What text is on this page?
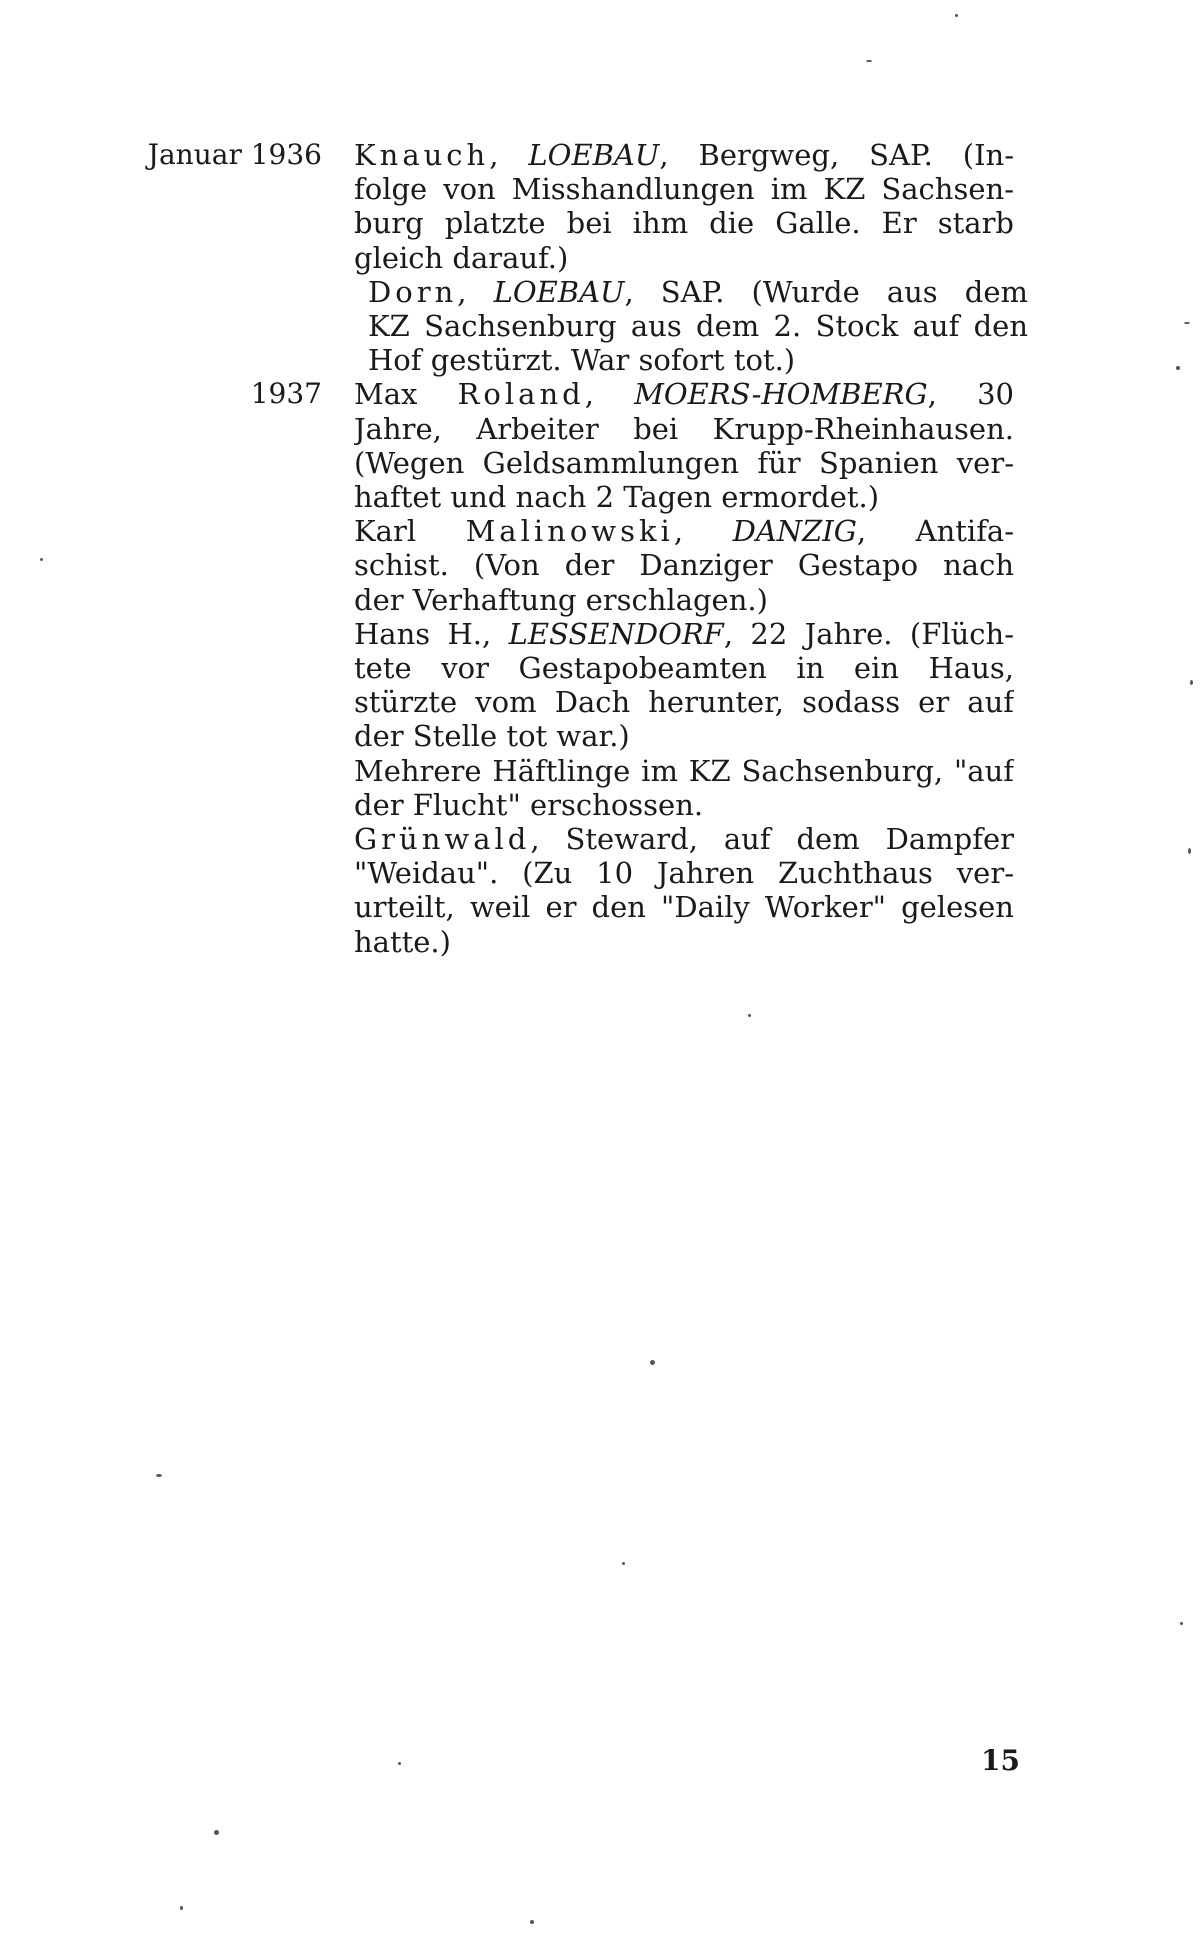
Januar 1936 Knauch, LOEBAU, Bergweg, SAP. (In-
folge von Misshandlungen im KZ Sachsen-
burg platzte bei ihm die Galle. Er starb
gleich darauf.)
Dorn, LOEBAU, SAP. (Wurde aus dem
KZ Sachsenburg aus dem 2. Stock auf den
Hof gestürzt. War sofort tot.)
1937 Max Roland, MOERS-HOMBERG, 30
Jahre, Arbeiter bei Krupp-Rheinhausen.
(Wegen Geldsammlungen für Spanien ver-
haftet und nach 2 Tagen ermordet.)
Karl Malinowski, DANZIG, Antifa-
schist. (Von der Danziger Gestapo nach
der Verhaftung erschlagen.)
Hans H., LESSENDORF, 22 Jahre. (Flüch-
tete vor Gestapobeamten in ein Haus,
stürzte vom Dach herunter, sodass er auf
der Stelle tot war.)
Mehrere Häftlinge im KZ Sachsenburg, "auf
der Flucht" erschossen.
Grünwald, Steward, auf dem Dampfer
"Weidau". (Zu 10 Jahren Zuchthaus ver-
urteilt, weil er den "Daily Worker" gelesen
hatte.)
15
